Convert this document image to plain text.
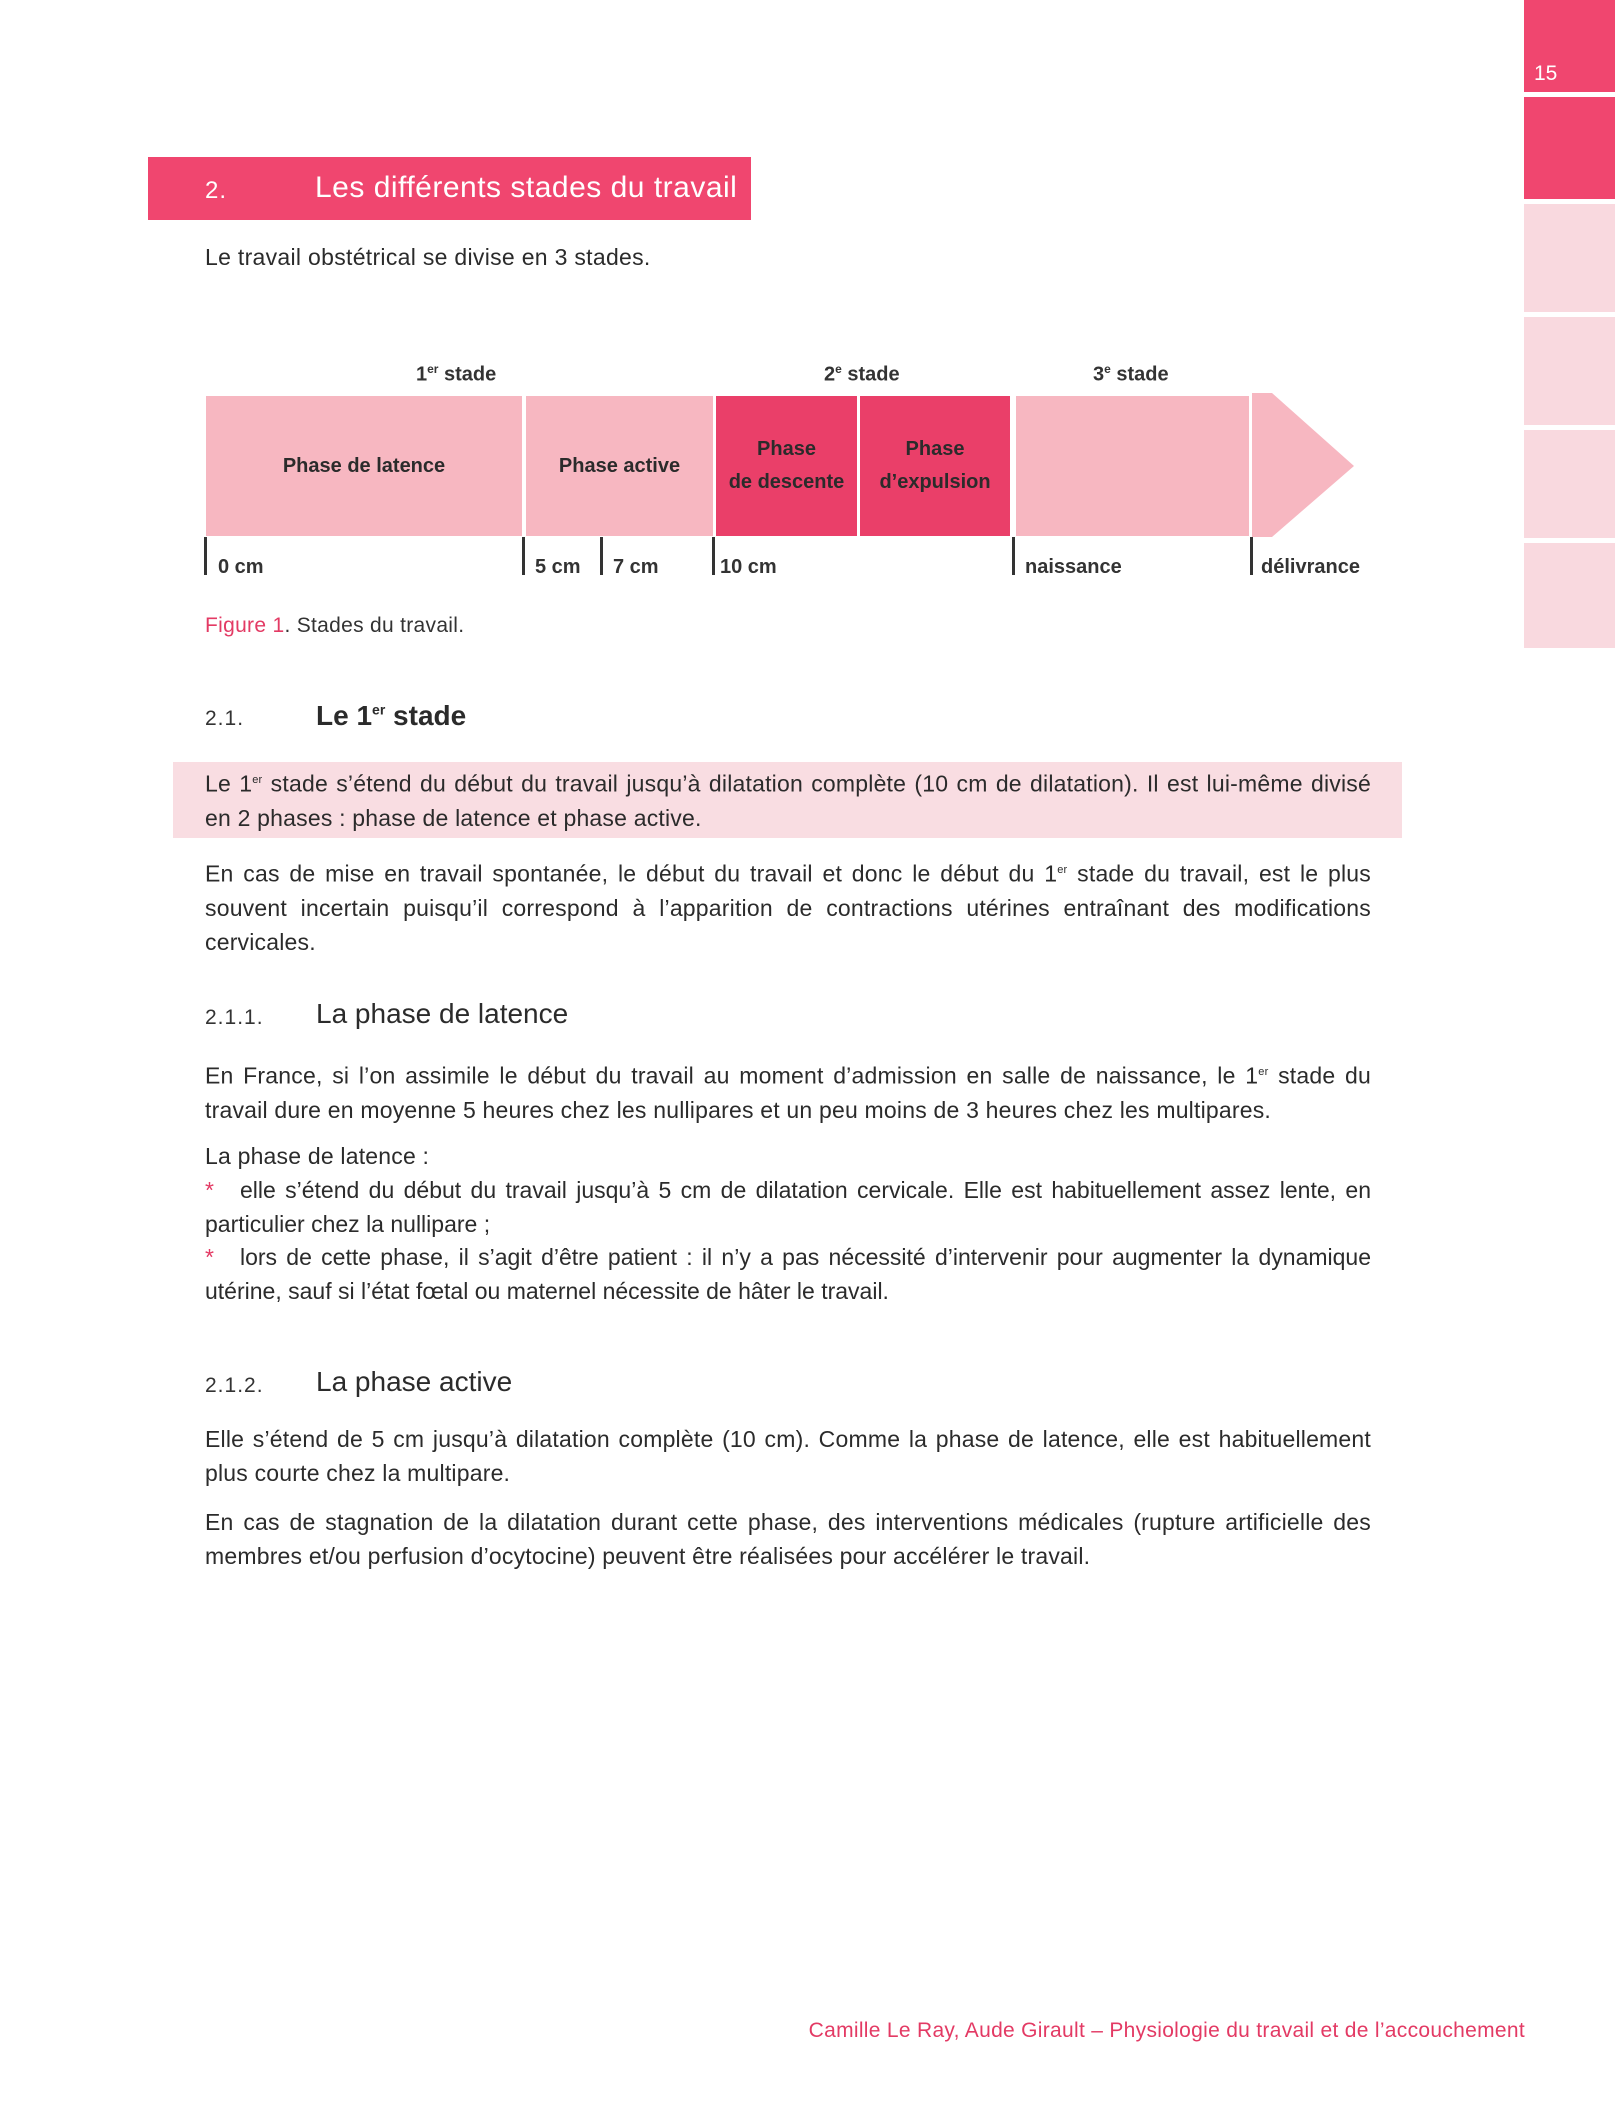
15
2.	Les différents stades du travail
Le travail obstétrical se divise en 3 stades.
1er stade	2e stade	3e stade
Phase de latence	Phase active
Phase
de descente
Phase
d’expulsion
0 cm	5 cm 7 cm	10 cm	naissance	délivrance
Figure 1. Stades du travail.
2.1.	Le 1er stade
Le 1er stade s’étend du début du travail jusqu’à dilatation complète (10 cm de dilatation). Il est lui-même divisé en 2 phases : phase de latence et phase active.
En cas de mise en travail spontanée, le début du travail et donc le début du 1er stade du travail, est le plus souvent incertain puisqu’il correspond à l’apparition de contractions utérines entraînant des modifications cervicales.
2.1.1. La phase de latence
En France, si l’on assimile le début du travail au moment d’admission en salle de naissance, le 1er stade du travail dure en moyenne 5 heures chez les nullipares et un peu moins de 3 heures chez les multipares.
La phase de latence :
* elle s’étend du début du travail jusqu’à 5 cm de dilatation cervicale. Elle est habituellement assez lente, en particulier chez la nullipare ;
* lors de cette phase, il s’agit d’être patient : il n’y a pas nécessité d’intervenir pour augmenter la dynamique utérine, sauf si l’état fœtal ou maternel nécessite de hâter le travail.
2.1.2. La phase active
Elle s’étend de 5 cm jusqu’à dilatation complète (10 cm). Comme la phase de latence, elle est habituellement plus courte chez la multipare.
En cas de stagnation de la dilatation durant cette phase, des interventions médicales (rupture artificielle des membres et/ou perfusion d’ocytocine) peuvent être réalisées pour accélérer le travail.
Camille Le Ray, Aude Girault – Physiologie du travail et de l’accouchement
